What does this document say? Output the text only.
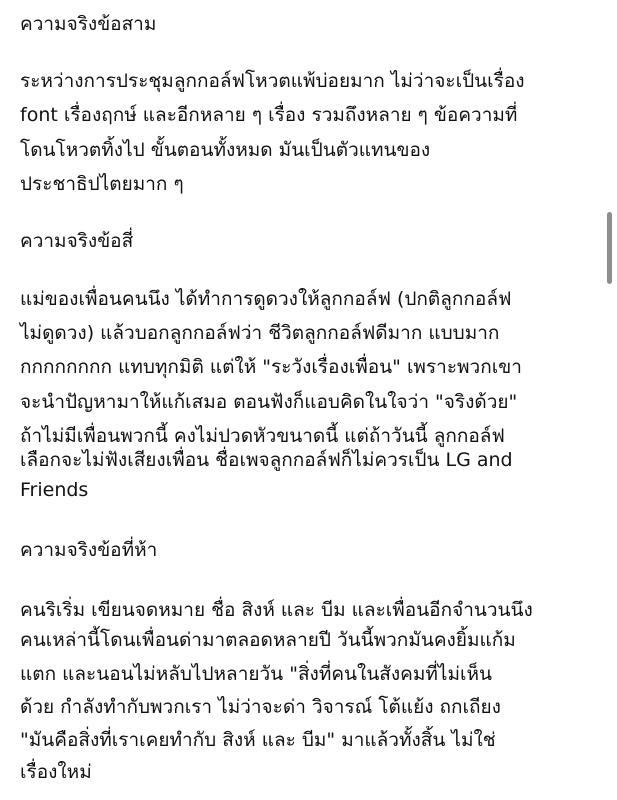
ความจริงข้อสาม
ระหว่างการประชุมลูกกอล์ฟโหวตแพ้บ่อยมาก ไม่ว่าจะเป็นเรื่อง
font เรื่องฤกษ์ และอีกหลาย ๆ เรื่อง รวมถึงหลาย ๆ ข้อความที่
โดนโหวตทิ้งไป ขั้นตอนทั้งหมด มันเป็นตัวแทนของ
ประชาธิปไตยมาก ๆ
ความจริงข้อสี่
แม่ของเพื่อนคนนึง ได้ทำการดูดวงให้ลูกกอล์ฟ (ปกติลูกกอล์ฟ
ไม่ดูดวง) แล้วบอกลูกกอล์ฟว่า ชีวิตลูกกอล์ฟดีมาก แบบมาก
กกกกกกกก แทบทุกมิติ แต่ให้ "ระวังเรื่องเพื่อน" เพราะพวกเขา
จะนำปัญหามาให้แก้เสมอ ตอนฟังก็แอบคิดในใจว่า "จริงด้วย"
ถ้าไม่มีเพื่อนพวกนี้ คงไม่ปวดหัวขนาดนี้ แต่ถ้าวันนี้ ลูกกอล์ฟ
เลือกจะไม่ฟังเสียงเพื่อน ชื่อเพจลูกกอล์ฟก็ไม่ควรเป็น LG and
Friends
ความจริงข้อที่ห้า
คนริเริ่ม เขียนจดหมาย ชื่อ สิงห์ และ บีม และเพื่อนอีกจำนวนนึง
คนเหล่านี้โดนเพื่อนด่ามาตลอดหลายปี วันนี้พวกมันคงยิ้มแก้ม
แตก และนอนไม่หลับไปหลายวัน "สิ่งที่คนในสังคมที่ไม่เห็น
ด้วย กำลังทำกับพวกเรา ไม่ว่าจะด่า วิจารณ์ โต้แย้ง ถกเถียง
"มันคือสิ่งที่เราเคยทำกับ สิงห์ และ บีม" มาแล้วทั้งสิ้น ไม่ใช่
เรื่องใหม่
